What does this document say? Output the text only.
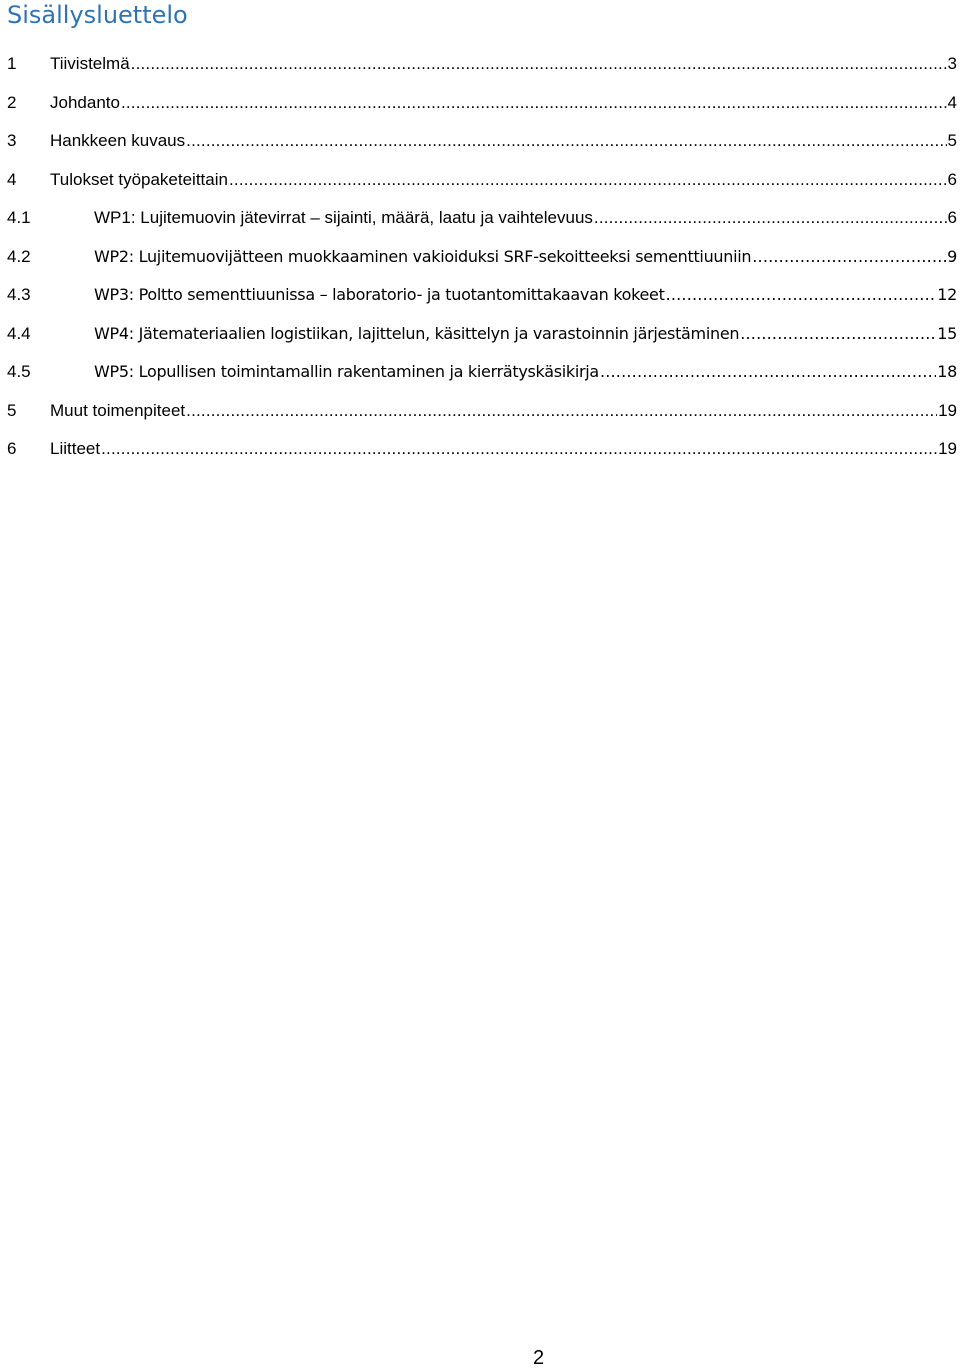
Sisällysluettelo
1 Tiivistelmä .....	3
2 Johdanto .....	4
3 Hankkeen kuvaus .....	5
4 Tulokset työpaketeittain .....	6
4.1	WP1: Lujitemuovin jätevirrat – sijainti, määrä, laatu ja vaihtelevuus .....	6
4.2	WP2: Lujitemuovijätteen muokkaaminen vakioiduksi SRF-sekoitteeksi sementtiuuniin .....	9
4.3	WP3: Poltto sementtiuunissa – laboratorio- ja tuotantomittakaavan kokeet .....	12
4.4	WP4: Jätemateriaalien logistiikan, lajittelun, käsittelyn ja varastoinnin järjestäminen .....	15
4.5	WP5: Lopullisen toimintamallin rakentaminen ja kierrätyskäsikirja .....	18
5 Muut toimenpiteet .....	19
6 Liitteet .....	19
2
